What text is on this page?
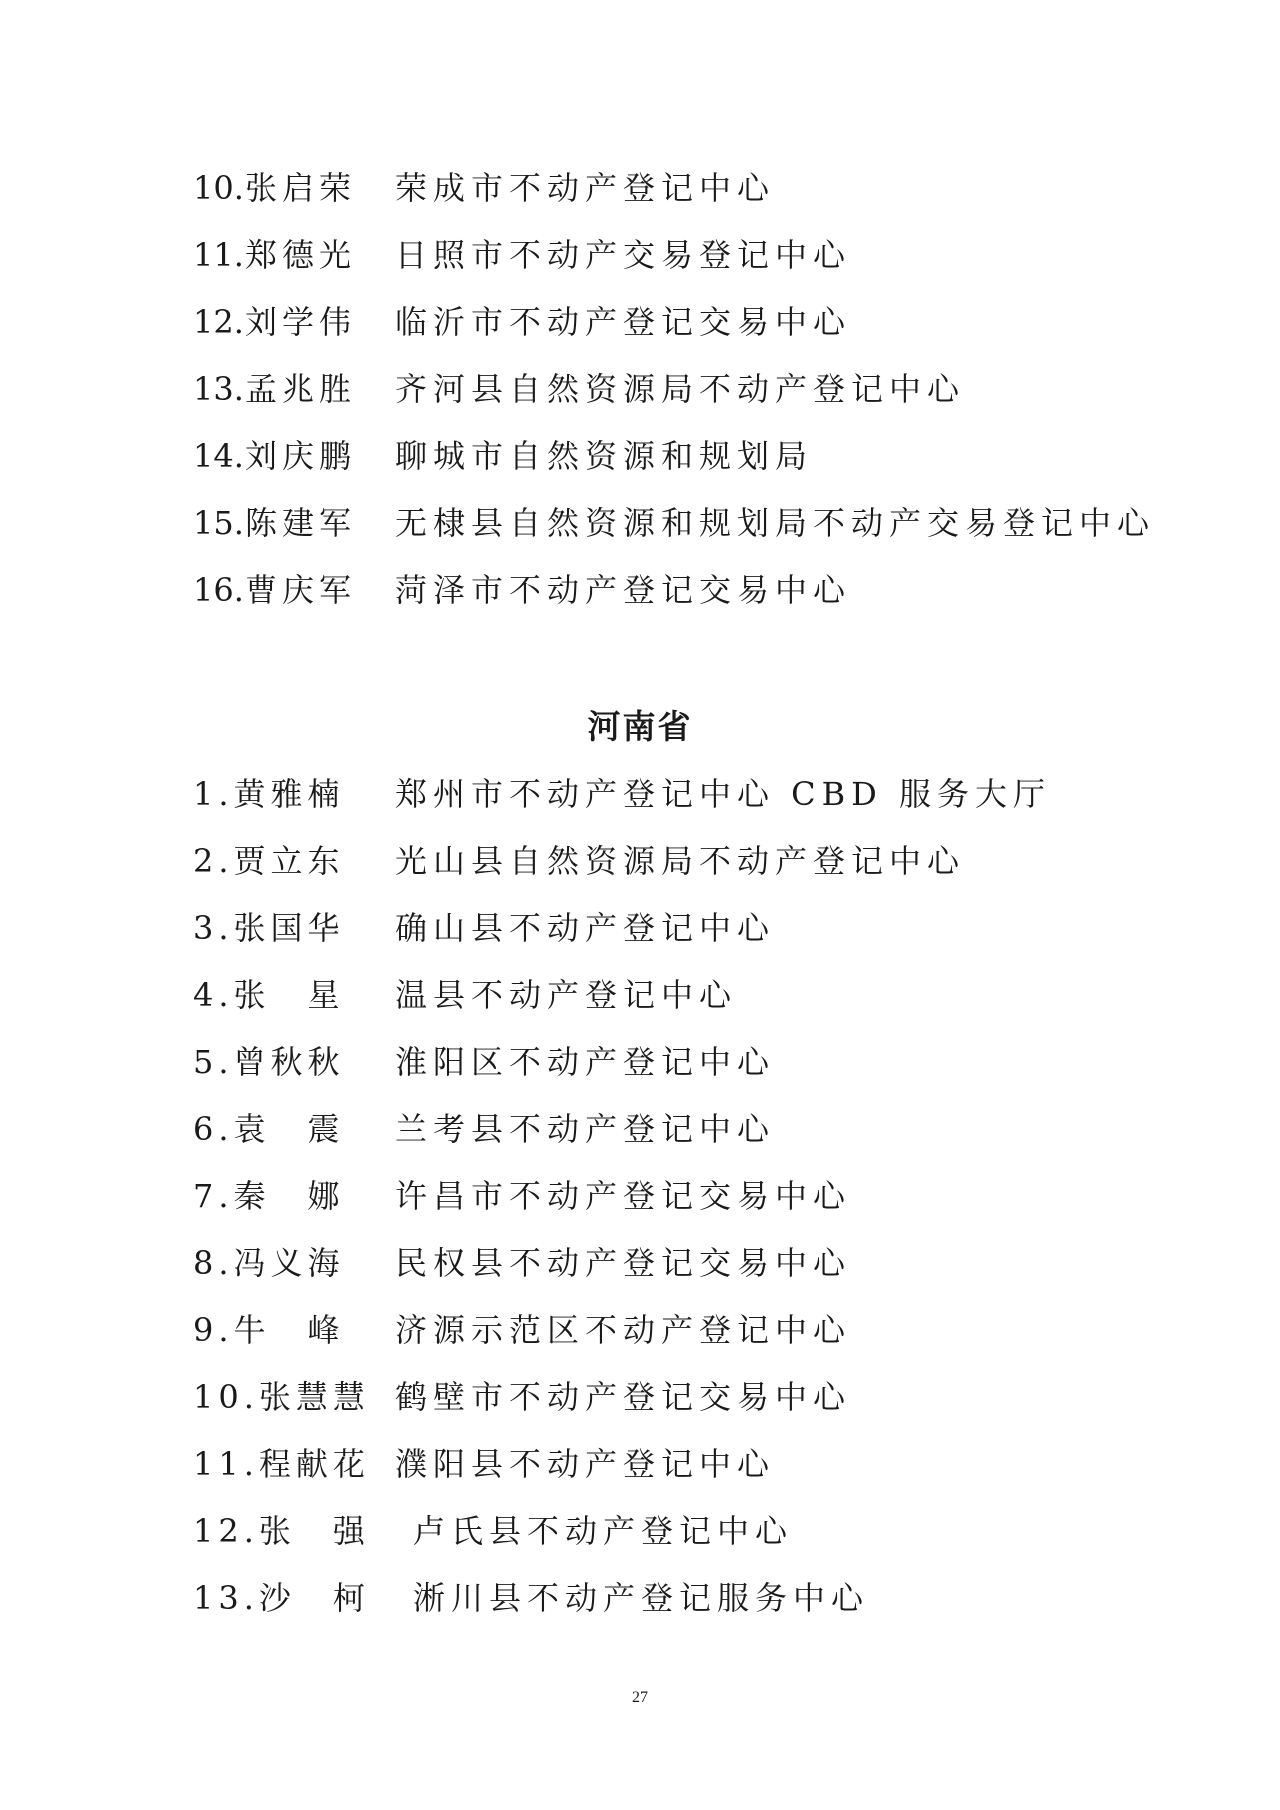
10.张启荣 荣成市不动产登记中心
11.郑德光 日照市不动产交易登记中心
12.刘学伟 临沂市不动产登记交易中心
13.孟兆胜 齐河县自然资源局不动产登记中心
14.刘庆鹏 聊城市自然资源和规划局
15.陈建军 无棣县自然资源和规划局不动产交易登记中心
16.曹庆军 菏泽市不动产登记交易中心
河南省
1.黄雅楠 郑州市不动产登记中心 CBD 服务大厅
2.贾立东 光山县自然资源局不动产登记中心
3.张国华 确山县不动产登记中心
4.张　星 温县不动产登记中心
5.曾秋秋 淮阳区不动产登记中心
6.袁　震 兰考县不动产登记中心
7.秦　娜 许昌市不动产登记交易中心
8.冯义海 民权县不动产登记交易中心
9.牛　峰 济源示范区不动产登记中心
10.张慧慧 鹤壁市不动产登记交易中心
11.程献花 濮阳县不动产登记中心
12.张　强 卢氏县不动产登记中心
13.沙　柯 淅川县不动产登记服务中心
27
